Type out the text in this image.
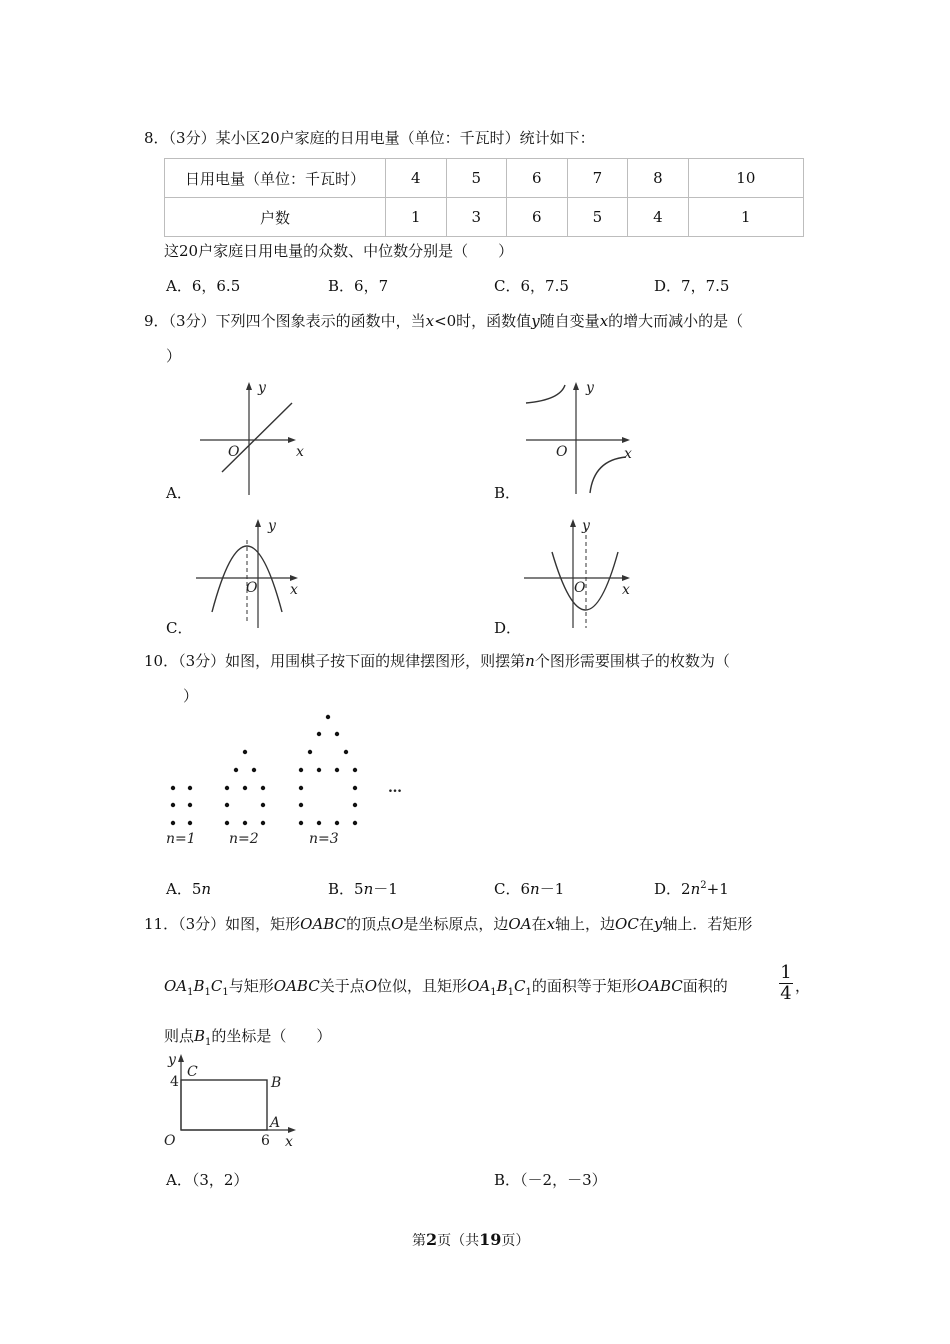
8．（3分）某小区20户家庭的日用电量（单位：千瓦时）统计如下：
日用电量（单位：千瓦时）	4	5	6	7	8	10
户数	1	3	6	5	4	1
这20户家庭日用电量的众数、中位数分别是（　　）
A．6，6.5	B．6，7	C．6，7.5	D．7，7.5
9．（3分）下列四个图象表示的函数中，当x<0时，函数值y随自变量x的增大而减小的是（
）
A．	B．
C．	D．
y
x
O
y
x
O
y
x
O
y
x
O
10．（3分）如图，用围棋子按下面的规律摆图形，则摆第n个图形需要围棋子的枚数为（
）
n=1 n=2	n=3
…
A．5n	B．5n－1	C．6n－1	D．$2n^2+1$
11．（3分）如图，矩形OABC的顶点O是坐标原点，边OA在x轴上，边OC在y轴上．若矩形
$OA_1B_1C_1$与矩形OABC关于点O位似，且矩形$OA_1B_1C_1$的面积等于矩形OABC面积的
1
4 ，
则点$B_1$的坐标是（　　）
y
x
O
A
B
C
4
6
A．（3，2）	B．（－2，－3）
第2页（共19页）
